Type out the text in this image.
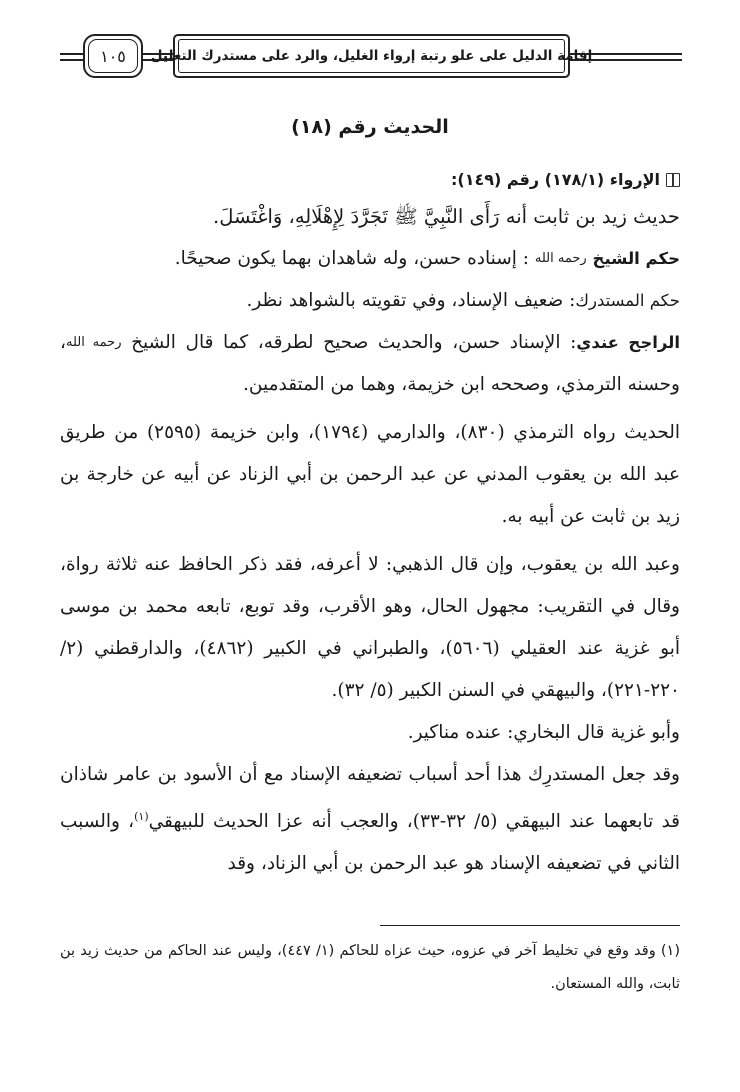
إقامة الدليل على علو رتبة إرواء الغليل، والرد على مستدرك التعليل
١٠٥
الحديث رقم (١٨)
الإرواء (١٧٨/١) رقم (١٤٩):

حديث زيد بن ثابت أنه رَأَى النَّبِيَّ ﷺ تَجَرَّدَ لِإِهْلَالِهِ، وَاغْتَسَلَ.

حكم الشيخ رحمه الله : إسناده حسن، وله شاهدان بهما يكون صحيحًا.

حكم المستدرك: ضعيف الإسناد، وفي تقويته بالشواهد نظر.

الراجح عندي: الإسناد حسن، والحديث صحيح لطرقه، كما قال الشيخ رحمه الله، وحسنه الترمذي، وصححه ابن خزيمة، وهما من المتقدمين.

الحديث رواه الترمذي (٨٣٠)، والدارمي (١٧٩٤)، وابن خزيمة (٢٥٩٥) من طريق عبد الله بن يعقوب المدني عن عبد الرحمن بن أبي الزناد عن أبيه عن خارجة بن زيد بن ثابت عن أبيه به.

وعبد الله بن يعقوب، وإن قال الذهبي: لا أعرفه، فقد ذكر الحافظ عنه ثلاثة رواة، وقال في التقريب: مجهول الحال، وهو الأقرب، وقد توبع، تابعه محمد بن موسى أبو غزية عند العقيلي (٥٦٠٦)، والطبراني في الكبير (٤٨٦٢)، والدارقطني (٢/ ٢٢٠-٢٢١)، والبيهقي في السنن الكبير (٥/ ٣٢).

وأبو غزية قال البخاري: عنده مناكير.

وقد جعل المستدرِك هذا أحد أسباب تضعيفه الإسناد مع أن الأسود بن عامر شاذان قد تابعهما عند البيهقي (٥/ ٣٢-٣٣)، والعجب أنه عزا الحديث للبيهقي$^{(١)}$، والسبب الثاني في تضعيفه الإسناد هو عبد الرحمن بن أبي الزناد، وقد

(١) وقد وقع في تخليط آخر في عزوه، حيث عزاه للحاكم (١/ ٤٤٧)، وليس عند الحاكم من حديث زيد بن ثابت، والله المستعان.
